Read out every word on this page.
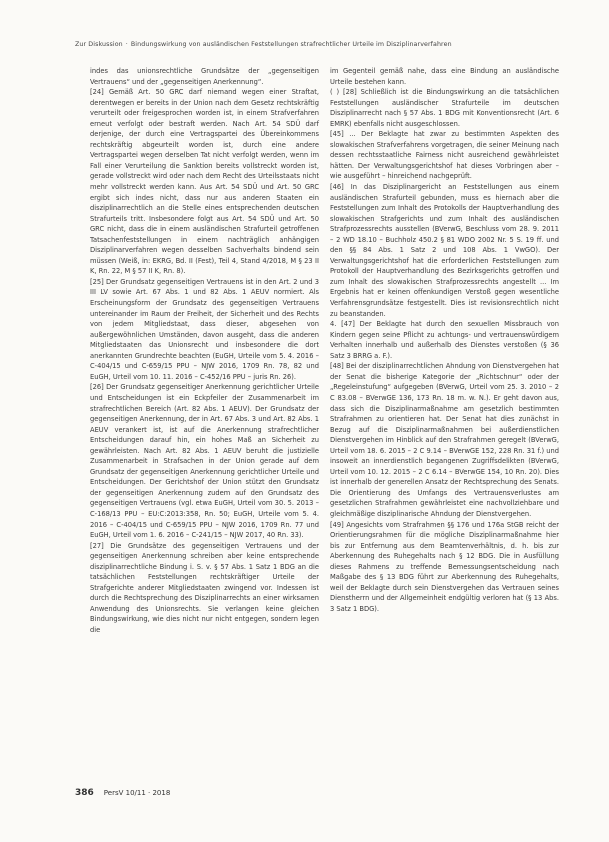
Zur Diskussion · Bindungswirkung von ausländischen Feststellungen strafrechtlicher Urteile im Disziplinarverfahren

indes das unionsrechtliche Grundsätze der „gegenseitigen Vertrauens“ und der „gegenseitigen Anerkennung“.

[24] Gemäß Art. 50 GRC darf niemand wegen einer Straftat, derentwegen er bereits in der Union nach dem Gesetz rechtskräftig verurteilt oder freigesprochen worden ist, in einem Strafverfahren erneut verfolgt oder bestraft werden. Nach Art. 54 SDÜ darf derjenige, der durch eine Vertragspartei des Übereinkommens rechtskräftig abgeurteilt worden ist, durch eine andere Vertragspartei wegen derselben Tat nicht verfolgt werden, wenn im Fall einer Verurteilung die Sanktion bereits vollstreckt worden ist, gerade vollstreckt wird oder nach dem Recht des Urteilsstaats nicht mehr vollstreckt werden kann. Aus Art. 54 SDÜ und Art. 50 GRC ergibt sich indes nicht, dass nur aus anderen Staaten ein disziplinarrechtlich an die Stelle eines entsprechenden deutschen Strafurteils tritt. Insbesondere folgt aus Art. 54 SDÜ und Art. 50 GRC nicht, dass die in einem ausländischen Strafurteil getroffenen Tatsachenfeststellungen in einem nachträglich anhängigen Disziplinarverfahren wegen desselben Sachverhalts bindend sein müssen (Weiß, in: EKRG, Bd. II (Fest), Teil 4, Stand 4/2018, M § 23 II K, Rn. 22, M § 57 II K, Rn. 8).

[25] Der Grundsatz gegenseitigen Vertrauens ist in den Art. 2 und 3 III LV sowie Art. 67 Abs. 1 und 82 Abs. 1 AEUV normiert. Als Erscheinungsform der Grundsatz des gegenseitigen Vertrauens untereinander im Raum der Freiheit, der Sicherheit und des Rechts von jedem Mitgliedstaat, dass dieser, abgesehen von außergewöhnlichen Umständen, davon ausgeht, dass die anderen Mitgliedstaaten das Unionsrecht und insbesondere die dort anerkannten Grundrechte beachten (EuGH, Urteile vom 5. 4. 2016 – C-404/15 und C-659/15 PPU – NJW 2016, 1709 Rn. 78, 82 und EuGH, Urteil vom 10. 11. 2016 – C-452/16 PPU – juris Rn. 26).

[26] Der Grundsatz gegenseitiger Anerkennung gerichtlicher Urteile und Entscheidungen ist ein Eckpfeiler der Zusammenarbeit im strafrechtlichen Bereich (Art. 82 Abs. 1 AEUV). Der Grundsatz der gegenseitigen Anerkennung, der in Art. 67 Abs. 3 und Art. 82 Abs. 1 AEUV verankert ist, ist auf die Anerkennung strafrechtlicher Entscheidungen darauf hin, ein hohes Maß an Sicherheit zu gewährleisten. Nach Art. 82 Abs. 1 AEUV beruht die justizielle Zusammenarbeit in Strafsachen in der Union gerade auf dem Grundsatz der gegenseitigen Anerkennung gerichtlicher Urteile und Entscheidungen. Der Gerichtshof der Union stützt den Grundsatz der gegenseitigen Anerkennung zudem auf den Grundsatz des gegenseitigen Vertrauens (vgl. etwa EuGH, Urteil vom 30. 5. 2013 – C-168/13 PPU – EU:C:2013:358, Rn. 50; EuGH, Urteile vom 5. 4. 2016 – C-404/15 und C-659/15 PPU – NJW 2016, 1709 Rn. 77 und EuGH, Urteil vom 1. 6. 2016 – C-241/15 – NJW 2017, 40 Rn. 33).

[27] Die Grundsätze des gegenseitigen Vertrauens und der gegenseitigen Anerkennung schreiben aber keine entsprechende disziplinarrechtliche Bindung i. S. v. § 57 Abs. 1 Satz 1 BDG an die tatsächlichen Feststellungen rechtskräftiger Urteile der Strafgerichte anderer Mitgliedstaaten zwingend vor. Indessen ist durch die Rechtsprechung des Disziplinarrechts an einer wirksamen Anwendung des Unionsrechts. Sie verlangen keine gleichen Bindungswirkung, wie dies nicht nur nicht entgegen, sondern legen die

im Gegenteil gemäß nahe, dass eine Bindung an ausländische Urteile bestehen kann.

( ) [28] Schließlich ist die Bindungswirkung an die tatsächlichen Feststellungen ausländischer Strafurteile im deutschen Disziplinarrecht nach § 57 Abs. 1 BDG mit Konventionsrecht (Art. 6 EMRK) ebenfalls nicht ausgeschlossen.

[45] ... Der Beklagte hat zwar zu bestimmten Aspekten des slowakischen Strafverfahrens vorgetragen, die seiner Meinung nach dessen rechtsstaatliche Fairness nicht ausreichend gewährleistet hätten. Der Verwaltungsgerichtshof hat dieses Vorbringen aber – wie ausgeführt – hinreichend nachgeprüft.

[46] In das Disziplinargericht an Feststellungen aus einem ausländischen Strafurteil gebunden, muss es hiernach aber die Feststellungen zum Inhalt des Protokolls der Hauptverhandlung des slowakischen Strafgerichts und zum Inhalt des ausländischen Strafprozessrechts ausstellen (BVerwG, Beschluss vom 28. 9. 2011 – 2 WD 18.10 – Buchholz 450.2 § 81 WDO 2002 Nr. 5 S. 19 ff. und den §§ 84 Abs. 1 Satz 2 und 108 Abs. 1 VwGO). Der Verwaltungsgerichtshof hat die erforderlichen Feststellungen zum Protokoll der Hauptverhandlung des Bezirksgerichts getroffen und zum Inhalt des slowakischen Strafprozessrechts angestellt ... Im Ergebnis hat er keinen offenkundigen Verstoß gegen wesentliche Verfahrensgrundsätze festgestellt. Dies ist revisionsrechtlich nicht zu beanstanden.

4. [47] Der Beklagte hat durch den sexuellen Missbrauch von Kindern gegen seine Pflicht zu achtungs- und vertrauenswürdigem Verhalten innerhalb und außerhalb des Dienstes verstoßen (§ 36 Satz 3 BRRG a. F.).

[48] Bei der disziplinarrechtlichen Ahndung von Dienstvergehen hat der Senat die bisherige Kategorie der „Richtschnur“ oder der „Regeleinstufung“ aufgegeben (BVerwG, Urteil vom 25. 3. 2010 – 2 C 83.08 – BVerwGE 136, 173 Rn. 18 m. w. N.). Er geht davon aus, dass sich die Disziplinarmaßnahme am gesetzlich bestimmten Strafrahmen zu orientieren hat. Der Senat hat dies zunächst in Bezug auf die Disziplinarmaßnahmen bei außerdienstlichen Dienstvergehen im Hinblick auf den Strafrahmen geregelt (BVerwG, Urteil vom 18. 6. 2015 – 2 C 9.14 – BVerwGE 152, 228 Rn. 31 f.) und insoweit an innerdienstlich begangenen Zugriffsdelikten (BVerwG, Urteil vom 10. 12. 2015 – 2 C 6.14 – BVerwGE 154, 10 Rn. 20). Dies ist innerhalb der generellen Ansatz der Rechtsprechung des Senats. Die Orientierung des Umfangs des Vertrauensverlustes am gesetzlichen Strafrahmen gewährleistet eine nachvollziehbare und gleichmäßige disziplinarische Ahndung der Dienstvergehen.

[49] Angesichts vom Strafrahmen §§ 176 und 176a StGB reicht der Orientierungsrahmen für die mögliche Disziplinarmaßnahme hier bis zur Entfernung aus dem Beamtenverhältnis, d. h. bis zur Aberkennung des Ruhegehalts nach § 12 BDG. Die in Ausfüllung dieses Rahmens zu treffende Bemessungsentscheidung nach Maßgabe des § 13 BDG führt zur Aberkennung des Ruhegehalts, weil der Beklagte durch sein Dienstvergehen das Vertrauen seines Dienstherrn und der Allgemeinheit endgültig verloren hat (§ 13 Abs. 3 Satz 1 BDG).

386 PersV 10/11 · 2018
